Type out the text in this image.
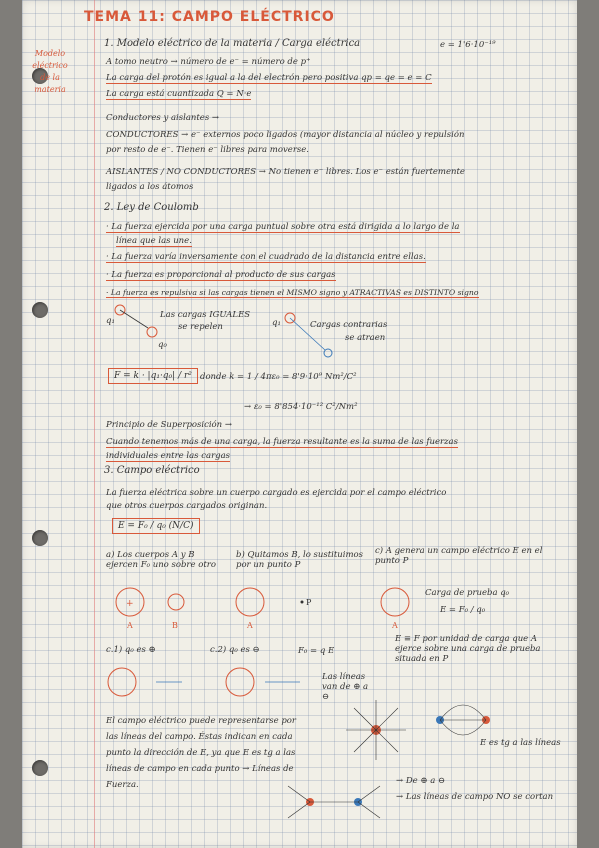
TEMA 11: CAMPO ELÉCTRICO
Modelo eléctrico de la materia
1. Modelo eléctrico de la materia / Carga eléctrica	e = 1'6·10⁻¹⁹
A tomo neutro → número de e⁻ = número de p⁺
La carga del protón es igual a la del electrón pero positiva qp = qe = e = C
La carga está cuantizada Q = N·e
Conductores y aislantes →
CONDUCTORES → e⁻ externos poco ligados (mayor distancia al núcleo y repulsión
por resto de e⁻. Tienen e⁻ libres para moverse.
AISLANTES / NO CONDUCTORES → No tienen e⁻ libres. Los e⁻ están fuertemente
ligados a los átomos
2. Ley de Coulomb
· La fuerza ejercida por una carga puntual sobre otra está dirigida a lo largo de la
línea que las une.
· La fuerza varía inversamente con el cuadrado de la distancia entre ellas.
· La fuerza es proporcional al producto de sus cargas
· La fuerza es repulsiva si las cargas tienen el MISMO signo y ATRACTIVAS es DISTINTO signo
q₁
q₀
Las cargas IGUALES
se repelen	q₁	Cargas contrarias
se atraen
F = k · |q₁·q₀| / r² donde k = 1 / 4πε₀ = 8'9·10⁹ Nm²/C²
→ ε₀ = 8'854·10⁻¹² C²/Nm²
Principio de Superposición →
Cuando tenemos más de una carga, la fuerza resultante es la suma de las fuerzas
individuales entre las cargas
3. Campo eléctrico
La fuerza eléctrica sobre un cuerpo cargado es ejercida por el campo eléctrico
que otros cuerpos cargados originan.
E = F₀ / q₀ (N/C)
a) Los cuerpos A y B ejercen F₀ uno sobre otro
b) Quitamos B, lo sustituimos por un punto P
c) A genera un campo eléctrico E en el punto P
+
A	B	A
P
A
Carga de prueba q₀
E = F₀ / q₀
E ≡ F por unidad de carga que A ejerce sobre una carga de prueba situada en P
c.1) q₀ es ⊕	c.2) q₀ es ⊖	F₀ = q E
Las líneas van de ⊕ a ⊖
El campo eléctrico puede representarse por
las líneas del campo. Éstas indican en cada
punto la dirección de E, ya que E es tg a las
líneas de campo en cada punto → Líneas de
Fuerza.
E es tg a las líneas
→ De ⊕ a ⊖
→ Las líneas de campo NO se cortan
